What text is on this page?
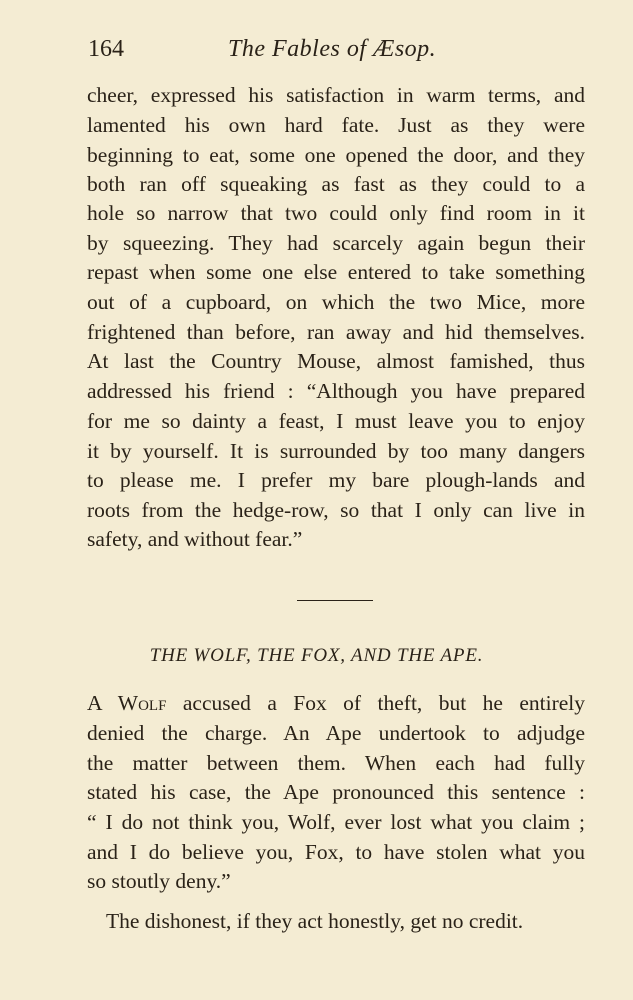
164	The Fables of Æsop.
cheer, expressed his satisfaction in warm terms, and
lamented his own hard fate. Just as they were
beginning to eat, some one opened the door, and they
both ran off squeaking as fast as they could to a
hole so narrow that two could only find room in it
by squeezing. They had scarcely again begun their
repast when some one else entered to take something
out of a cupboard, on which the two Mice, more
frightened than before, ran away and hid themselves.
At last the Country Mouse, almost famished, thus
addressed his friend : “Although you have prepared
for me so dainty a feast, I must leave you to enjoy
it by yourself. It is surrounded by too many dangers
to please me. I prefer my bare plough-lands and
roots from the hedge-row, so that I only can live in
safety, and without fear.”
THE WOLF, THE FOX, AND THE APE.
A Wolf accused a Fox of theft, but he entirely
denied the charge. An Ape undertook to adjudge
the matter between them. When each had fully
stated his case, the Ape pronounced this sentence :
“ I do not think you, Wolf, ever lost what you claim ;
and I do believe you, Fox, to have stolen what you
so stoutly deny.”
The dishonest, if they act honestly, get no credit.
